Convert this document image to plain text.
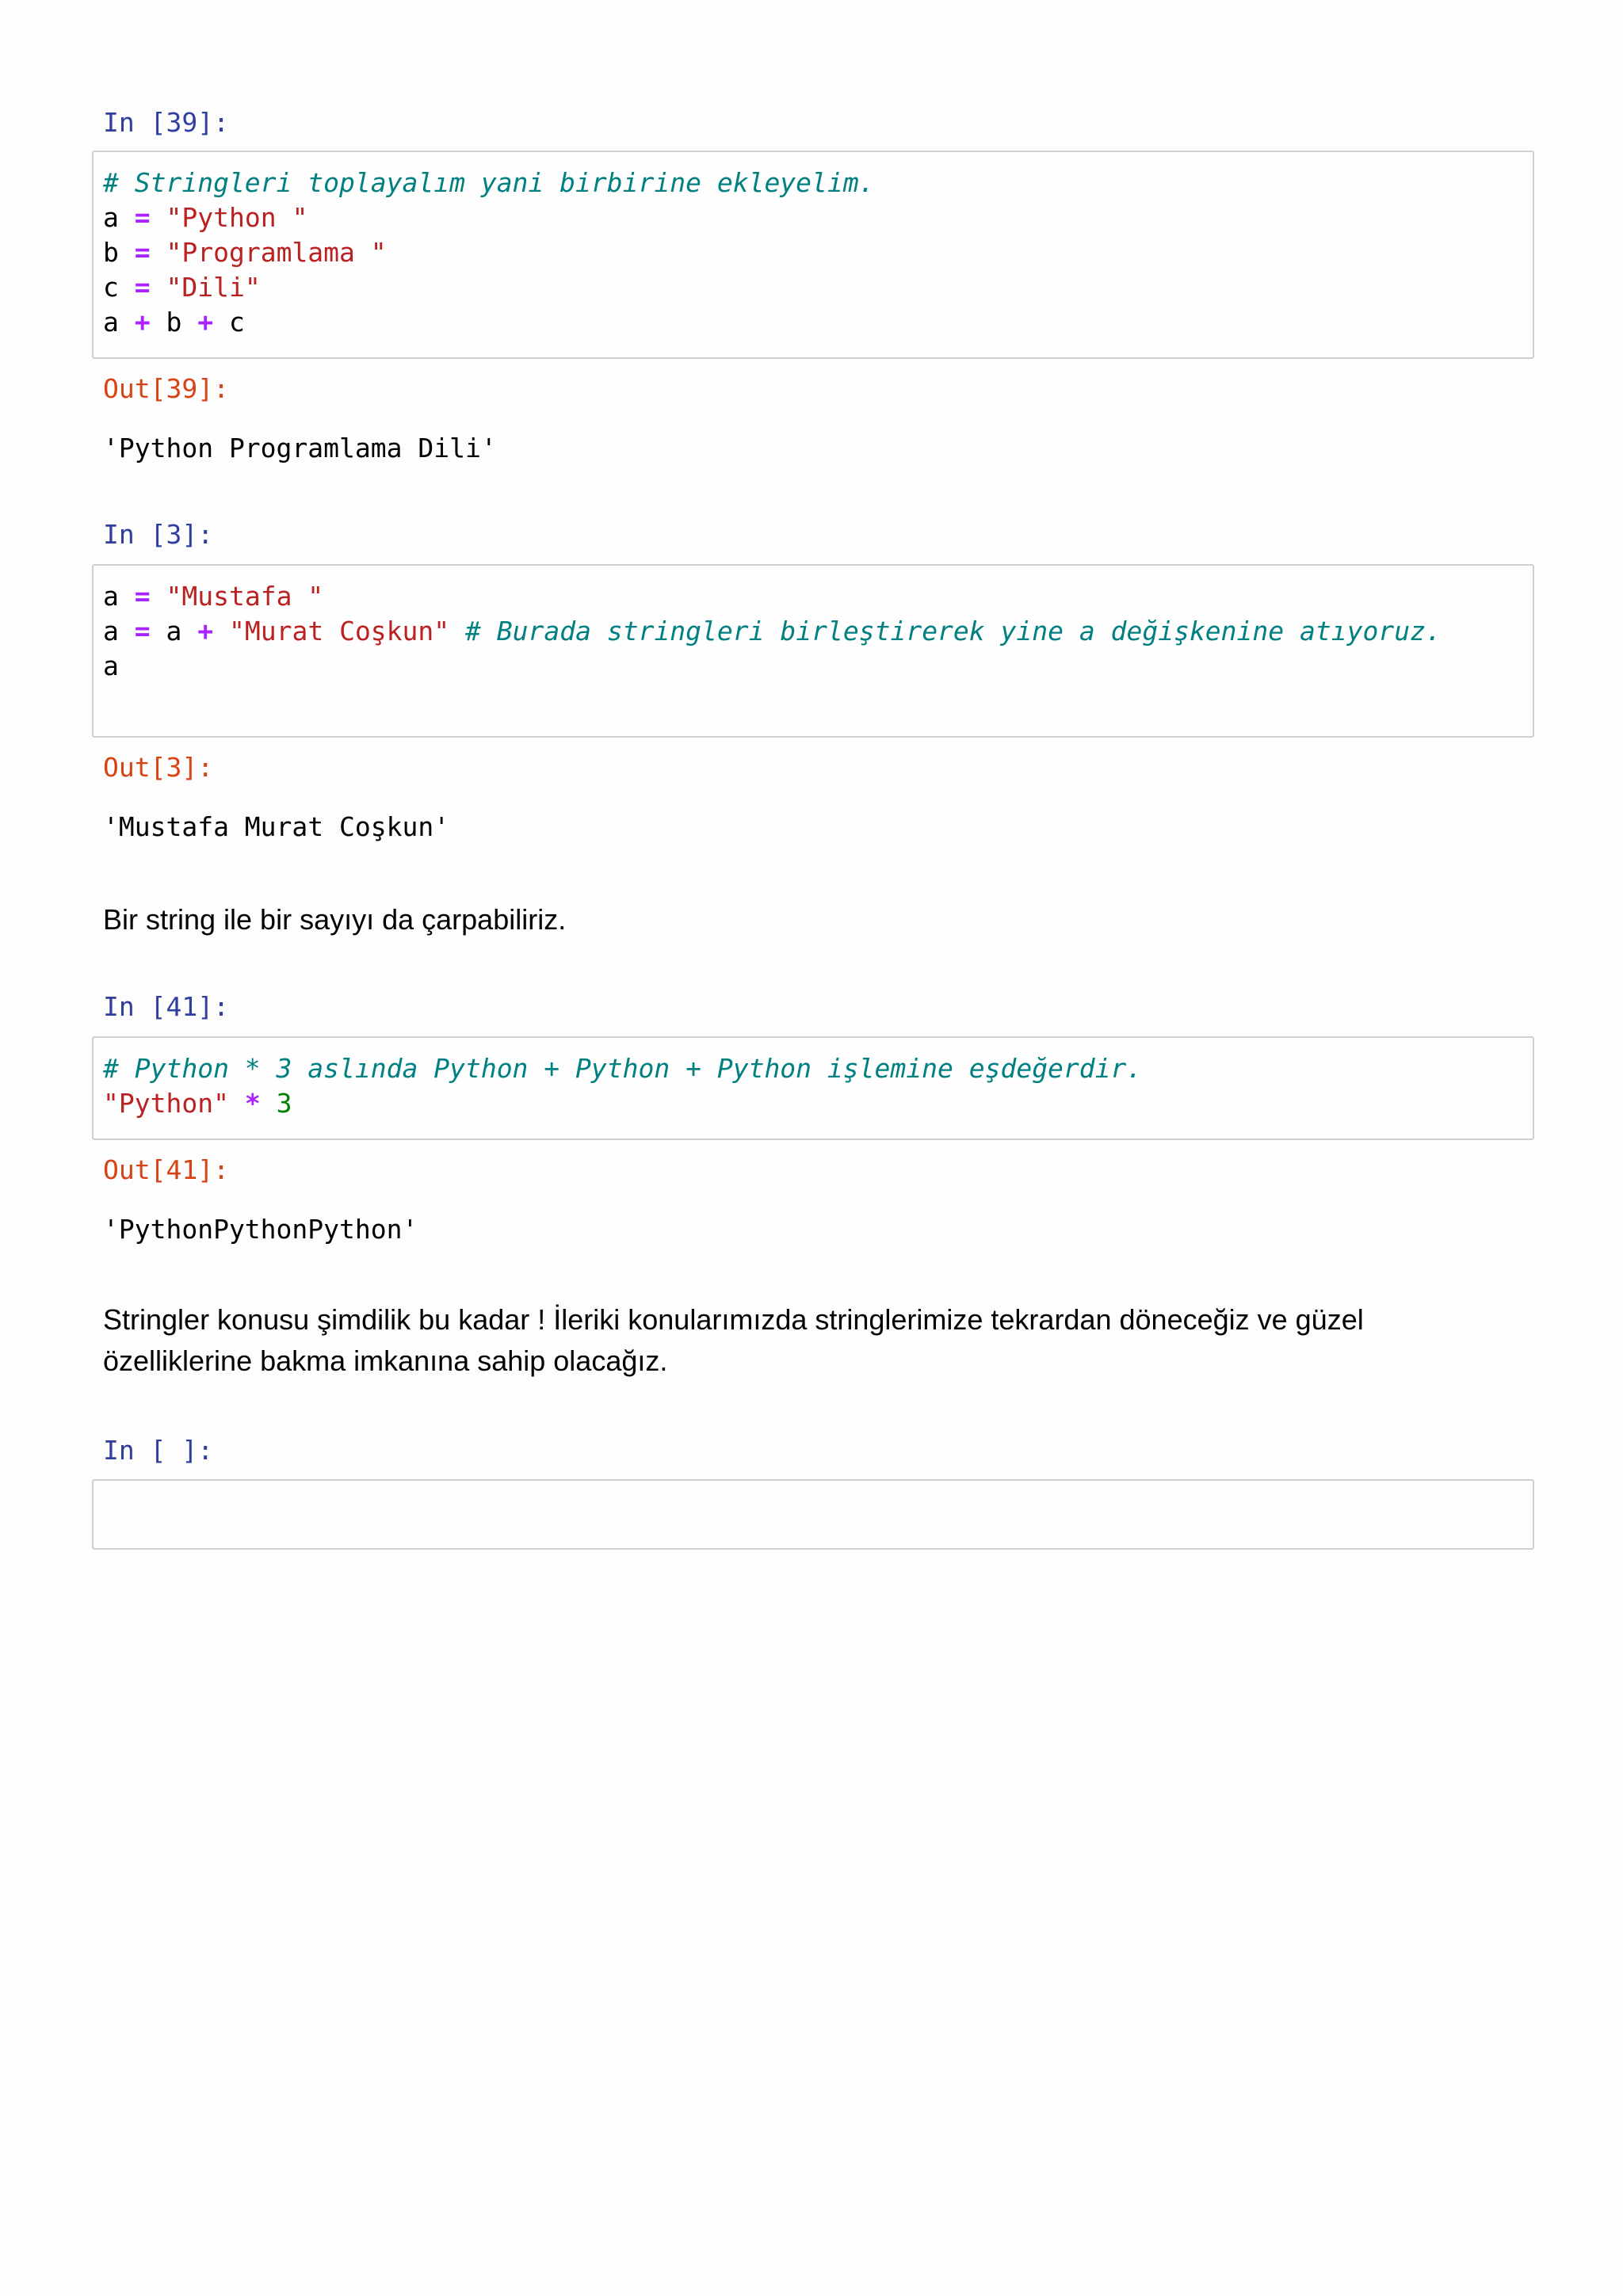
In [39]:
# Stringleri toplayalım yani birbirine ekleyelim.
a = "Python "
b = "Programlama "
c = "Dili"
a + b + c
Out[39]:
'Python Programlama Dili'
In [3]:
a = "Mustafa "
a = a + "Murat Coşkun" # Burada stringleri birleştirerek yine a değişkenine atıyoruz.
a
Out[3]:
'Mustafa Murat Coşkun'
Bir string ile bir sayıyı da çarpabiliriz.
In [41]:
# Python * 3 aslında Python + Python + Python işlemine eşdeğerdir.
"Python" * 3
Out[41]:
'PythonPythonPython'
Stringler konusu şimdilik bu kadar ! İleriki konularımızda stringlerimize tekrardan döneceğiz ve güzel
özelliklerine bakma imkanına sahip olacağız.
In [ ]:
